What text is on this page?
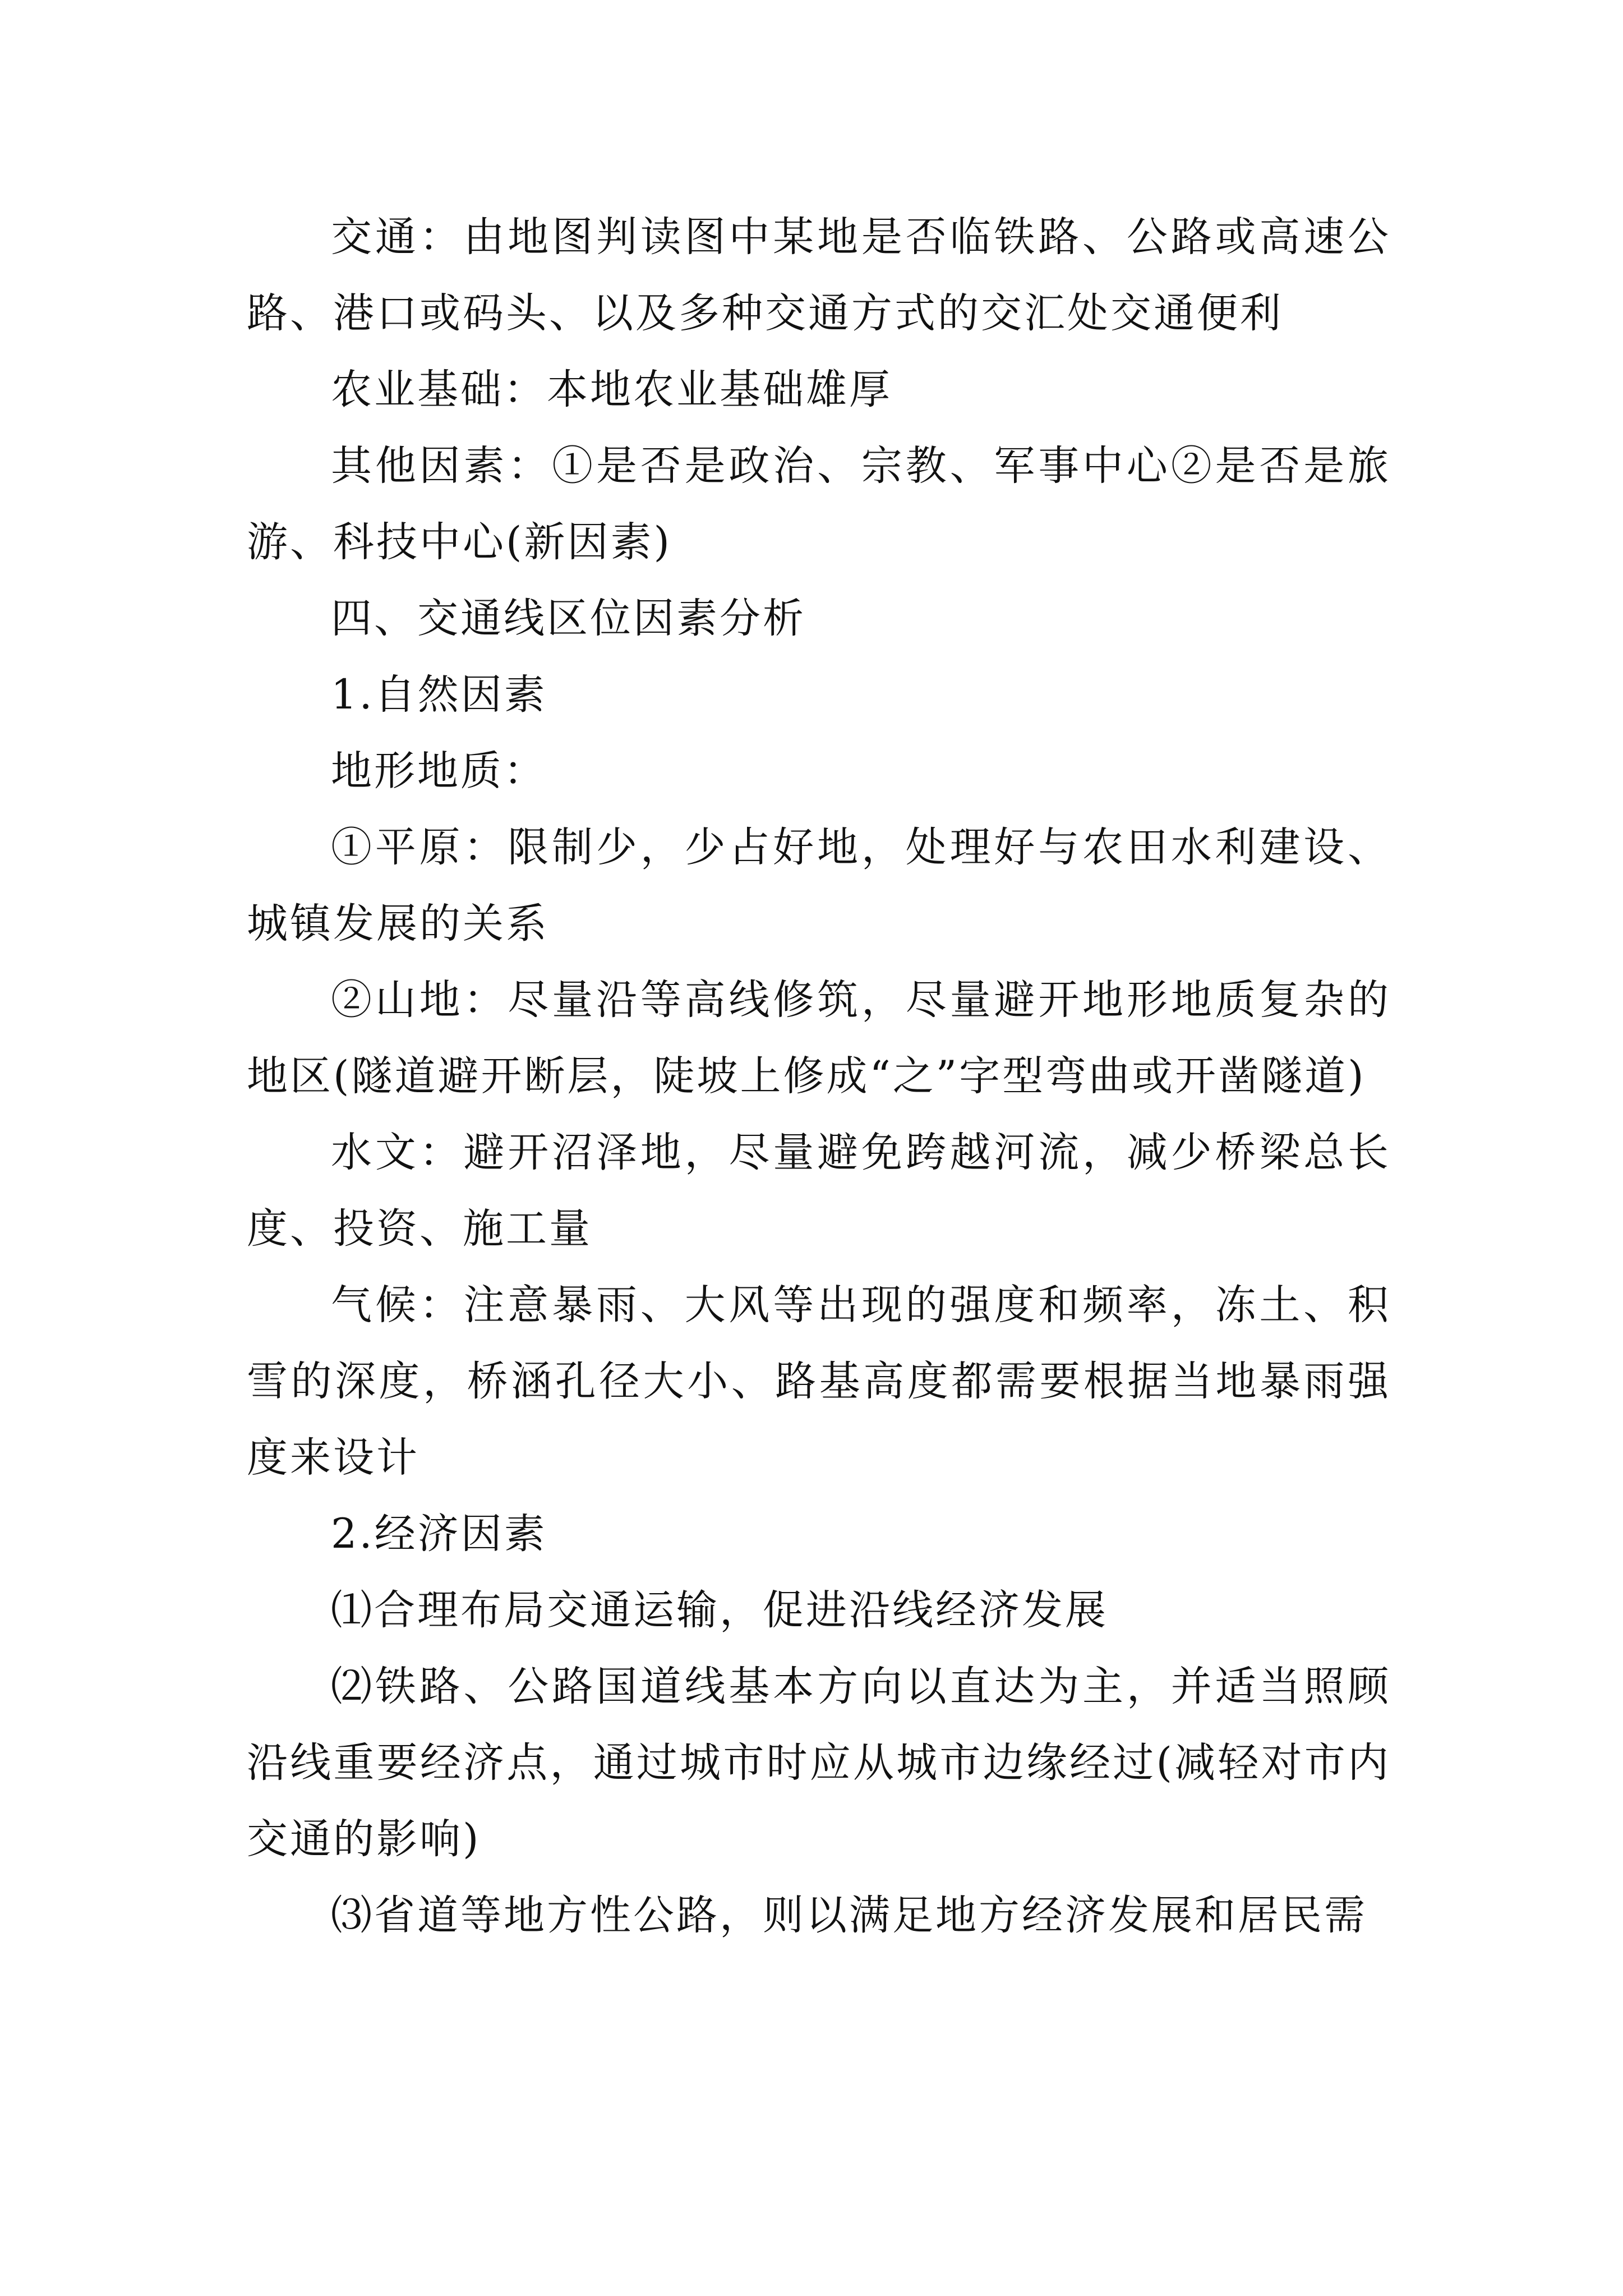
交通：由地图判读图中某地是否临铁路、公路或高速公路、港口或码头、以及多种交通方式的交汇处交通便利

农业基础：本地农业基础雄厚

其他因素：①是否是政治、宗教、军事中心②是否是旅游、科技中心(新因素)

四、交通线区位因素分析

1.自然因素

地形地质：

①平原：限制少，少占好地，处理好与农田水利建设、城镇发展的关系

②山地：尽量沿等高线修筑，尽量避开地形地质复杂的地区(隧道避开断层，陡坡上修成“之”字型弯曲或开凿隧道)

水文：避开沼泽地，尽量避免跨越河流，减少桥梁总长度、投资、施工量

气候：注意暴雨、大风等出现的强度和频率，冻土、积雪的深度，桥涵孔径大小、路基高度都需要根据当地暴雨强度来设计

2.经济因素

⑴合理布局交通运输，促进沿线经济发展

⑵铁路、公路国道线基本方向以直达为主，并适当照顾沿线重要经济点，通过城市时应从城市边缘经过(减轻对市内交通的影响)

⑶省道等地方性公路，则以满足地方经济发展和居民需
